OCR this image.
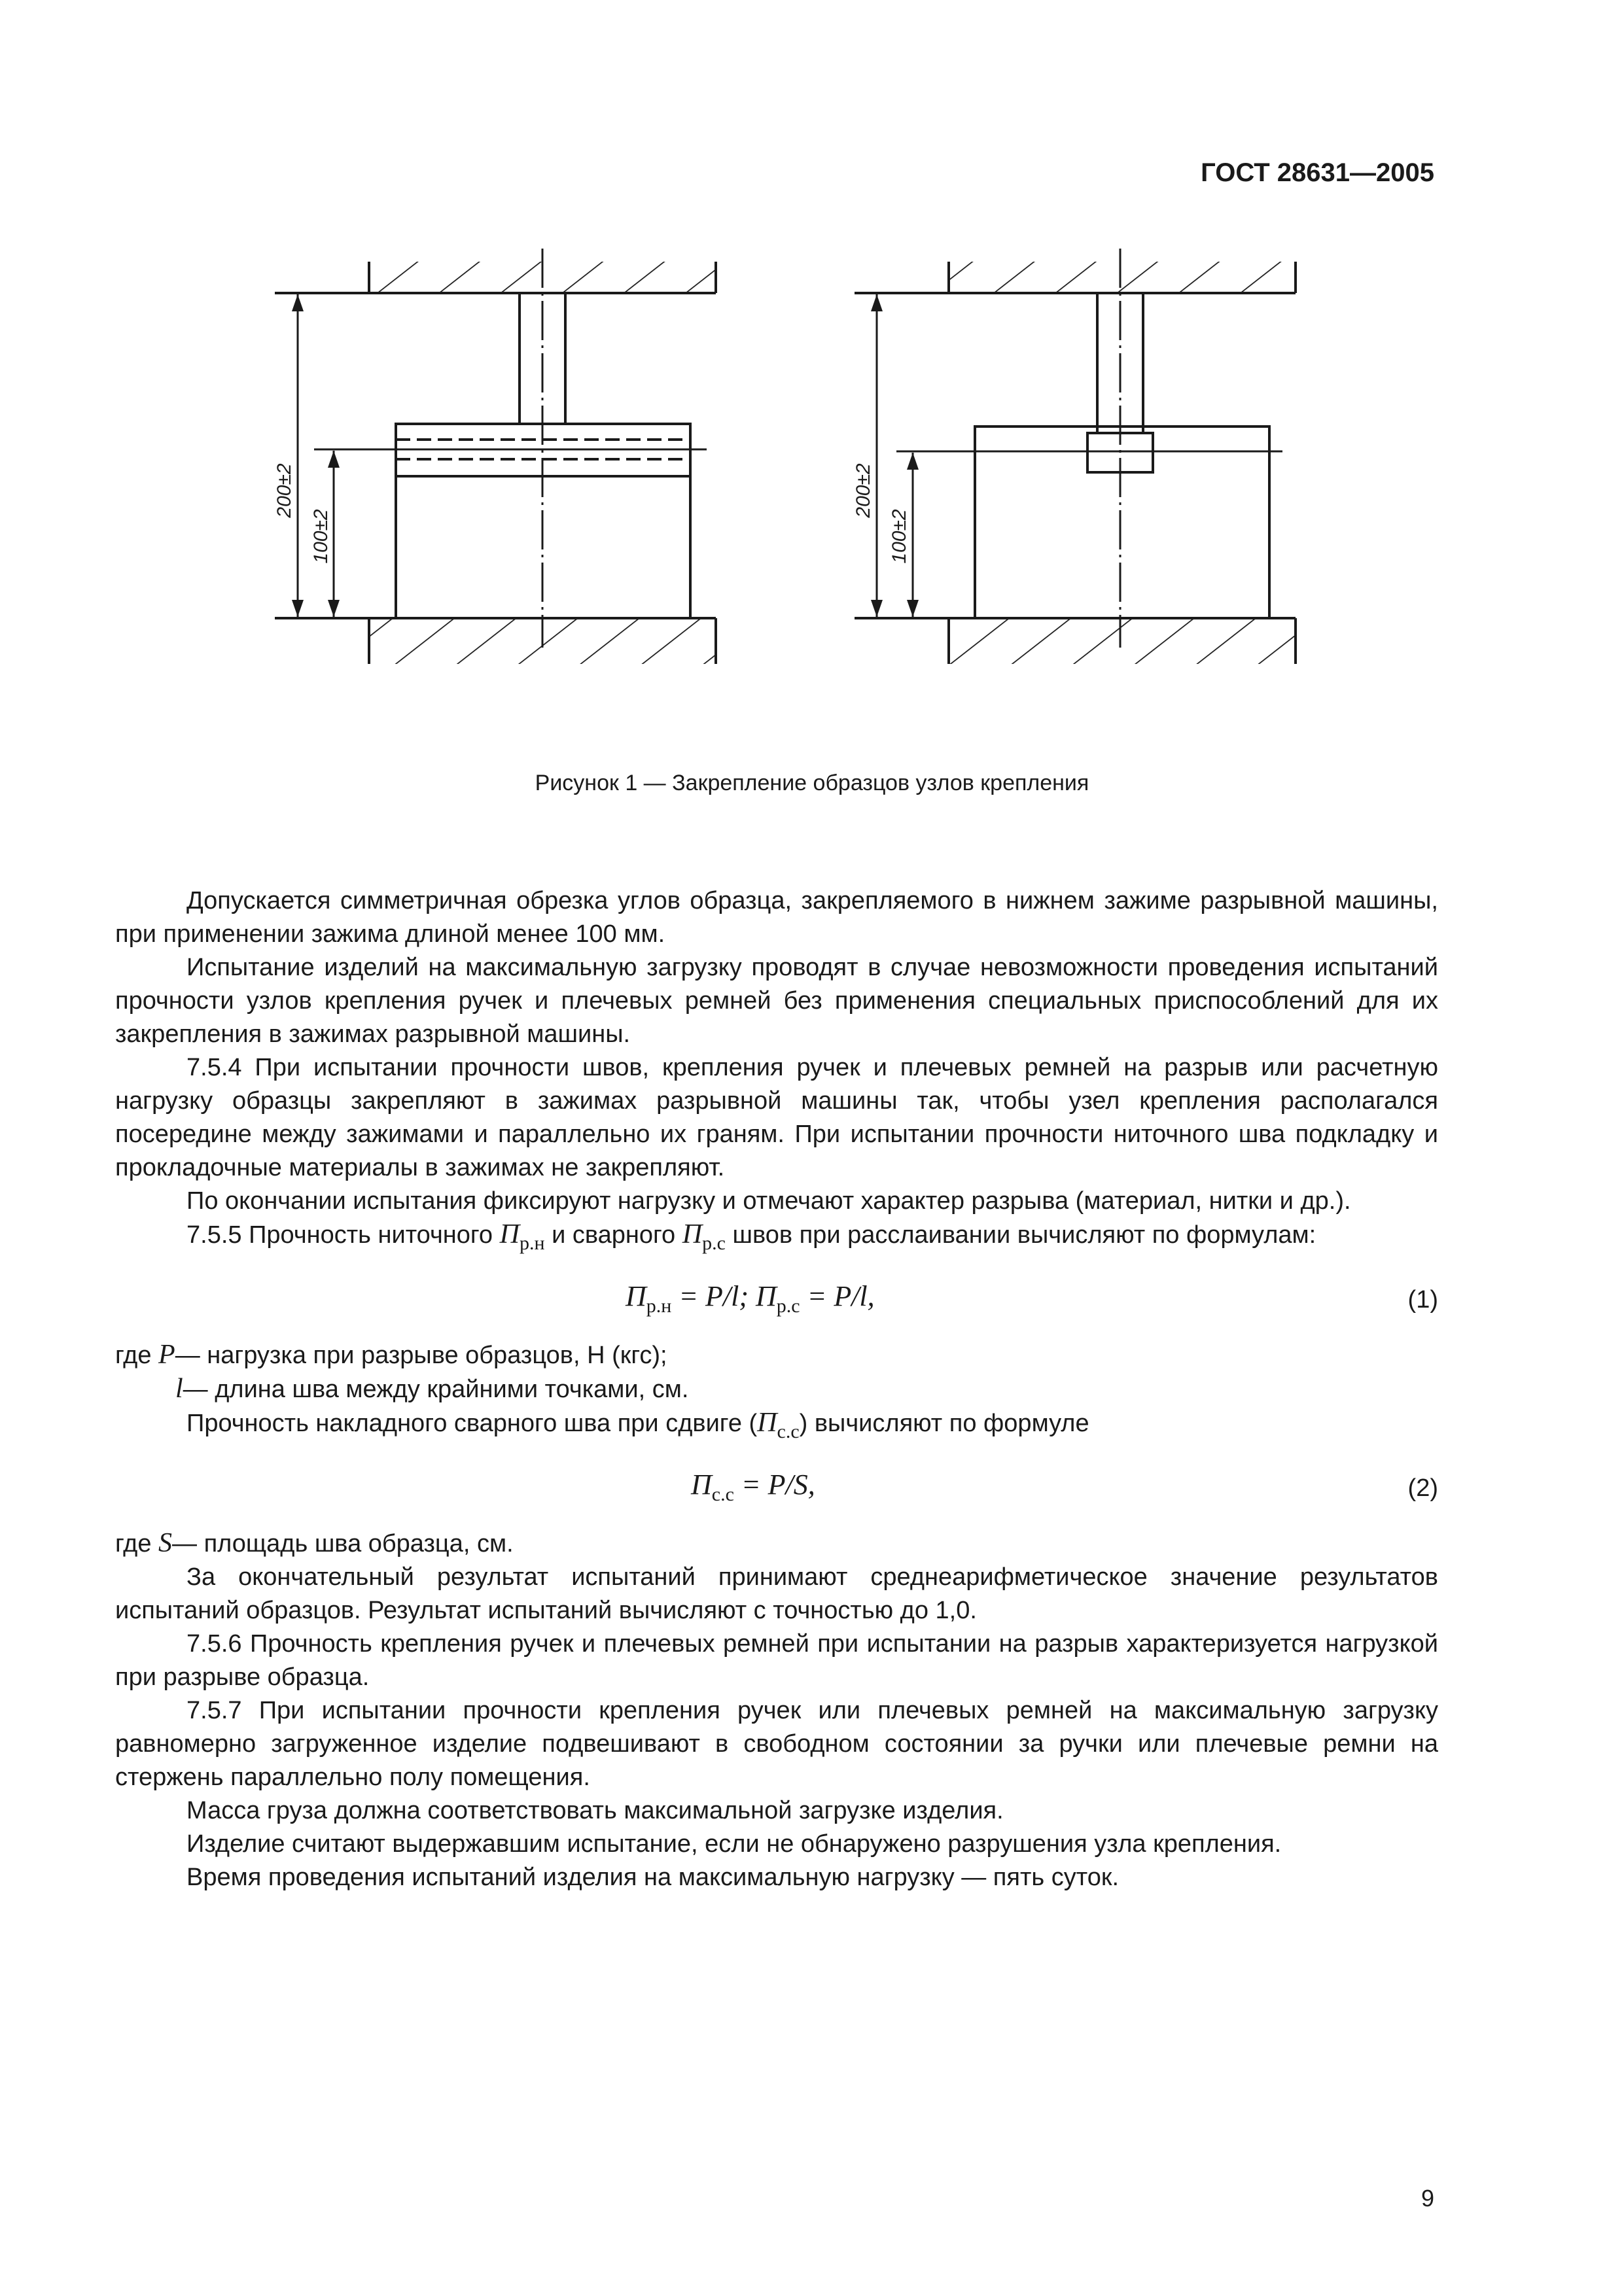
ГОСТ 28631—2005
200±2
100±2
200±2
100±2
Рисунок 1 — Закрепление образцов узлов крепления

Допускается симметричная обрезка углов образца, закрепляемого в нижнем зажиме разрывной машины, при применении зажима длиной менее 100 мм.

Испытание изделий на максимальную загрузку проводят в случае невозможности проведения испытаний прочности узлов крепления ручек и плечевых ремней без применения специальных приспособлений для их закрепления в зажимах разрывной машины.

7.5.4 При испытании прочности швов, крепления ручек и плечевых ремней на разрыв или расчетную нагрузку образцы закрепляют в зажимах разрывной машины так, чтобы узел крепления располагался посередине между зажимами и параллельно их граням. При испытании прочности ниточного шва подкладку и прокладочные материалы в зажимах не закрепляют.

По окончании испытания фиксируют нагрузку и отмечают характер разрыва (материал, нитки и др.).

7.5.5 Прочность ниточного $П_{р.н}$ и сварного $П_{р.с}$ швов при расслаивании вычисляют по формулам:

$П_{р.н} = P/l$; $П_{р.с} = P/l$,	(1)

где P— нагрузка при разрыве образцов, Н (кгс);

l— длина шва между крайними точками, см.

Прочность накладного сварного шва при сдвиге $(П_{с.с})$ вычисляют по формуле

$П_{с.с} = P/S$,	(2)

где S— площадь шва образца, см.

За окончательный результат испытаний принимают среднеарифметическое значение результатов испытаний образцов. Результат испытаний вычисляют с точностью до 1,0.

7.5.6 Прочность крепления ручек и плечевых ремней при испытании на разрыв характеризуется нагрузкой при разрыве образца.

7.5.7 При испытании прочности крепления ручек или плечевых ремней на максимальную загрузку равномерно загруженное изделие подвешивают в свободном состоянии за ручки или плечевые ремни на стержень параллельно полу помещения.

Масса груза должна соответствовать максимальной загрузке изделия.

Изделие считают выдержавшим испытание, если не обнаружено разрушения узла крепления.

Время проведения испытаний изделия на максимальную нагрузку — пять суток.

9
